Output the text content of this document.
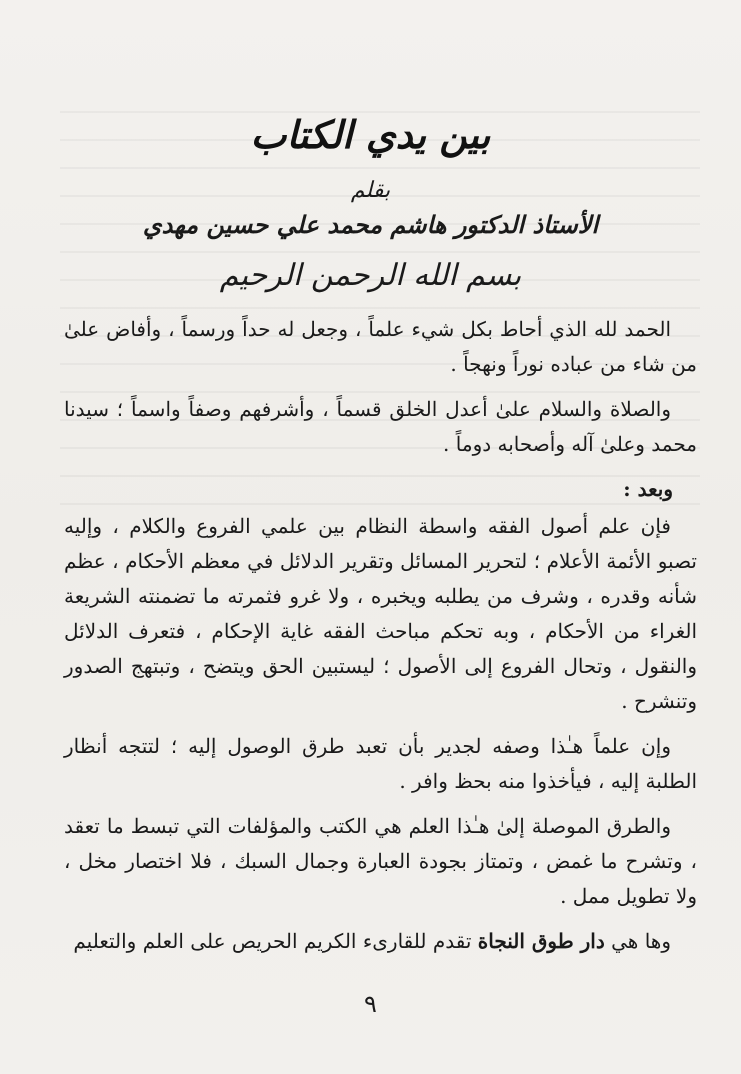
بين يدي الكتاب
بقلم
الأستاذ الدكتور هاشم محمد علي حسين مهدي
بسم الله الرحمن الرحيم

الحمد لله الذي أحاط بكل شيء علماً ، وجعل له حداً ورسماً ، وأفاض علىٰ من شاء من عباده نوراً ونهجاً .

والصلاة والسلام علىٰ أعدل الخلق قسماً ، وأشرفهم وصفاً واسماً ؛ سيدنا محمد وعلىٰ آله وأصحابه دوماً .

وبعد :

فإن علم أصول الفقه واسطة النظام بين علمي الفروع والكلام ، وإليه تصبو الأئمة الأعلام ؛ لتحرير المسائل وتقرير الدلائل في معظم الأحكام ، عظم شأنه وقدره ، وشرف من يطلبه ويخبره ، ولا غرو فثمرته ما تضمنته الشريعة الغراء من الأحكام ، وبه تحكم مباحث الفقه غاية الإحكام ، فتعرف الدلائل والنقول ، وتحال الفروع إلى الأصول ؛ ليستبين الحق ويتضح ، وتبتهج الصدور وتنشرح .

وإن علماً هـٰذا وصفه لجدير بأن تعبد طرق الوصول إليه ؛ لتتجه أنظار الطلبة إليه ، فيأخذوا منه بحظ وافر .

والطرق الموصلة إلىٰ هـٰذا العلم هي الكتب والمؤلفات التي تبسط ما تعقد ، وتشرح ما غمض ، وتمتاز بجودة العبارة وجمال السبك ، فلا اختصار مخل ، ولا تطويل ممل .

وها هي دار طوق النجاة تقدم للقارىء الكريم الحريص على العلم والتعليم

٩
